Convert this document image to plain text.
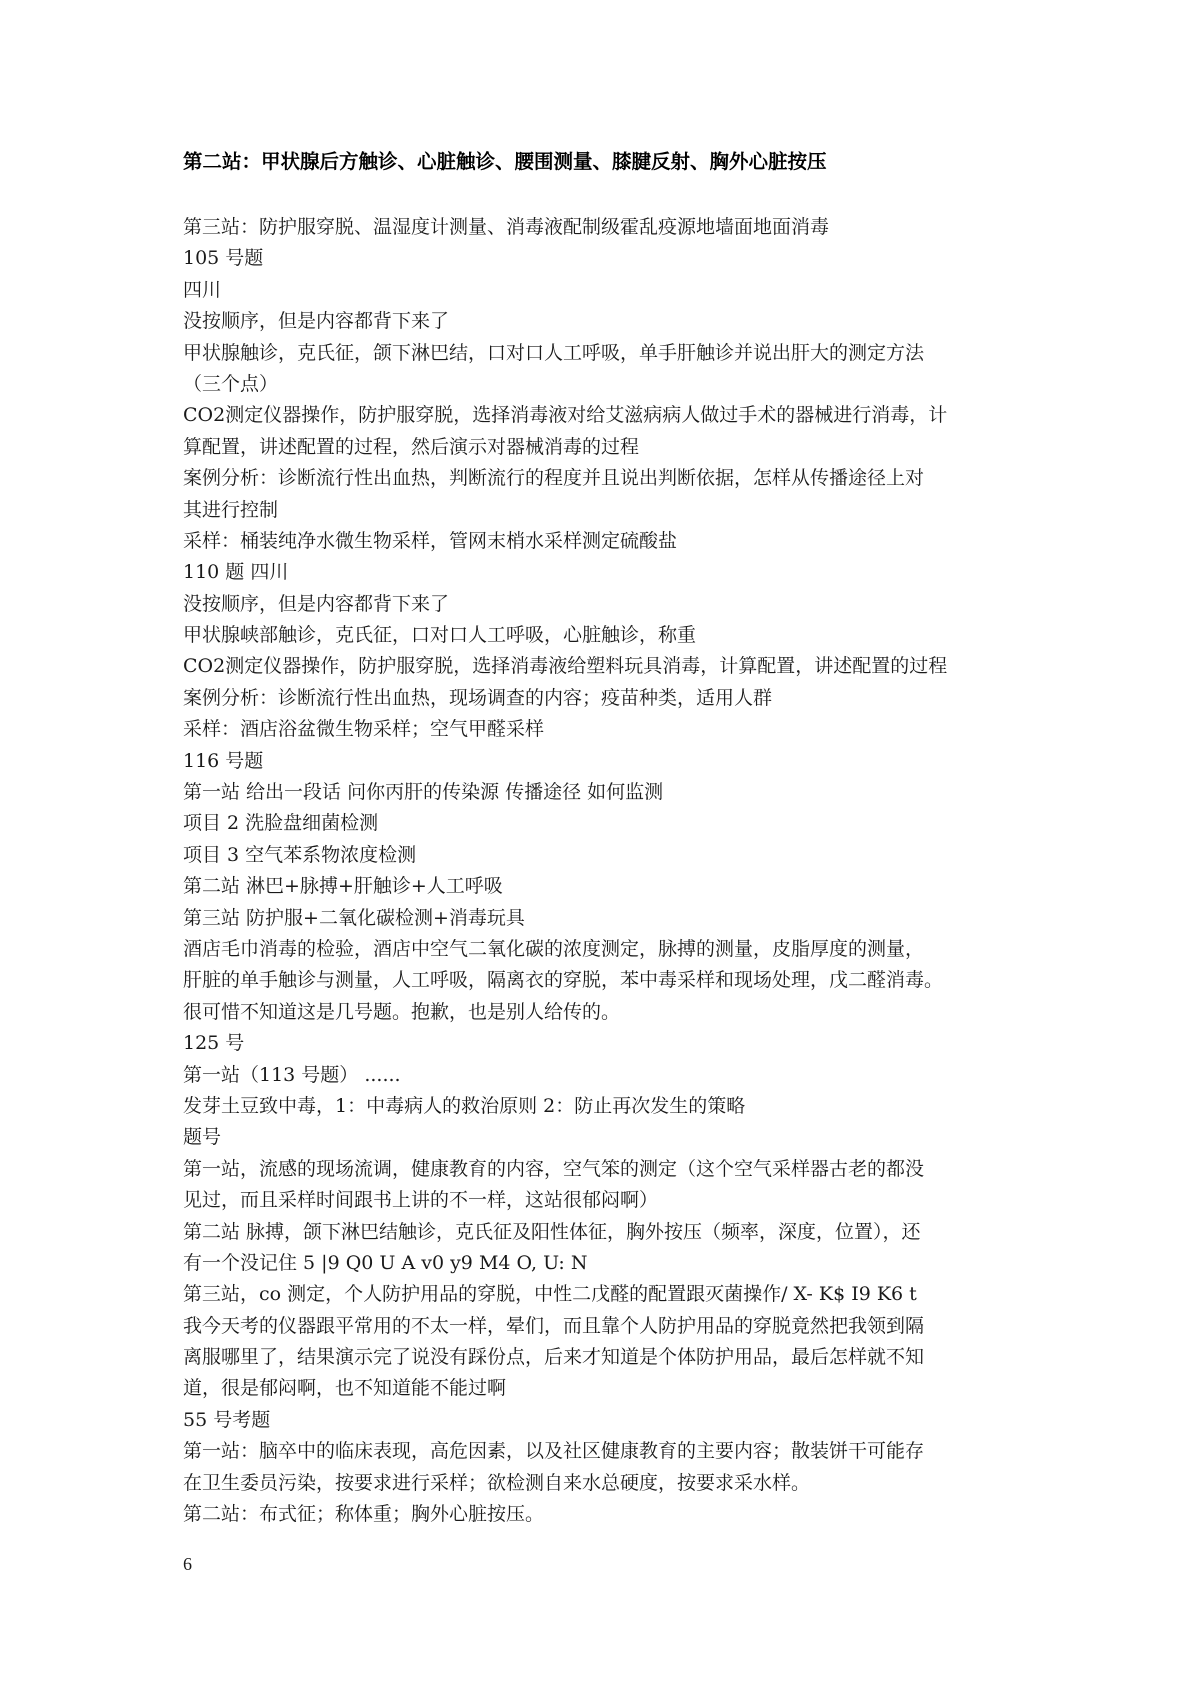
第二站：甲状腺后方触诊、心脏触诊、腰围测量、膝腱反射、胸外心脏按压
第三站：防护服穿脱、温湿度计测量、消毒液配制级霍乱疫源地墙面地面消毒
105 号题
四川
没按顺序，但是内容都背下来了
甲状腺触诊，克氏征，颌下淋巴结，口对口人工呼吸，单手肝触诊并说出肝大的测定方法
（三个点）
CO2测定仪器操作，防护服穿脱，选择消毒液对给艾滋病病人做过手术的器械进行消毒，计
算配置，讲述配置的过程，然后演示对器械消毒的过程
案例分析：诊断流行性出血热，判断流行的程度并且说出判断依据，怎样从传播途径上对
其进行控制
采样：桶装纯净水微生物采样，管网末梢水采样测定硫酸盐
110 题 四川
没按顺序，但是内容都背下来了
甲状腺峡部触诊，克氏征，口对口人工呼吸，心脏触诊，称重
CO2测定仪器操作，防护服穿脱，选择消毒液给塑料玩具消毒，计算配置，讲述配置的过程
案例分析：诊断流行性出血热，现场调查的内容；疫苗种类，适用人群
采样：酒店浴盆微生物采样；空气甲醛采样
116 号题
第一站 给出一段话 问你丙肝的传染源 传播途径 如何监测
项目 2 洗脸盘细菌检测
项目 3 空气苯系物浓度检测
第二站 淋巴+脉搏+肝触诊+人工呼吸
第三站 防护服+二氧化碳检测+消毒玩具
酒店毛巾消毒的检验，酒店中空气二氧化碳的浓度测定，脉搏的测量，皮脂厚度的测量，
肝脏的单手触诊与测量，人工呼吸，隔离衣的穿脱，苯中毒采样和现场处理，戊二醛消毒。
很可惜不知道这是几号题。抱歉，也是别人给传的。
125 号
第一站（113 号题） ......
发芽土豆致中毒，1：中毒病人的救治原则 2：防止再次发生的策略
题号
第一站，流感的现场流调，健康教育的内容，空气笨的测定（这个空气采样器古老的都没
见过，而且采样时间跟书上讲的不一样，这站很郁闷啊）
第二站 脉搏，颌下淋巴结触诊，克氏征及阳性体征，胸外按压（频率，深度，位置），还
有一个没记住 5 |9 Q0 U A v0 y9 M4 O, U: N
第三站，co 测定，个人防护用品的穿脱，中性二戊醛的配置跟灭菌操作/ X- K$ I9 K6 t
我今天考的仪器跟平常用的不太一样，晕们，而且靠个人防护用品的穿脱竟然把我领到隔
离服哪里了，结果演示完了说没有踩份点，后来才知道是个体防护用品，最后怎样就不知
道，很是郁闷啊，也不知道能不能过啊
55 号考题
第一站：脑卒中的临床表现，高危因素，以及社区健康教育的主要内容；散装饼干可能存
在卫生委员污染，按要求进行采样；欲检测自来水总硬度，按要求采水样。
第二站：布式征；称体重；胸外心脏按压。
6
